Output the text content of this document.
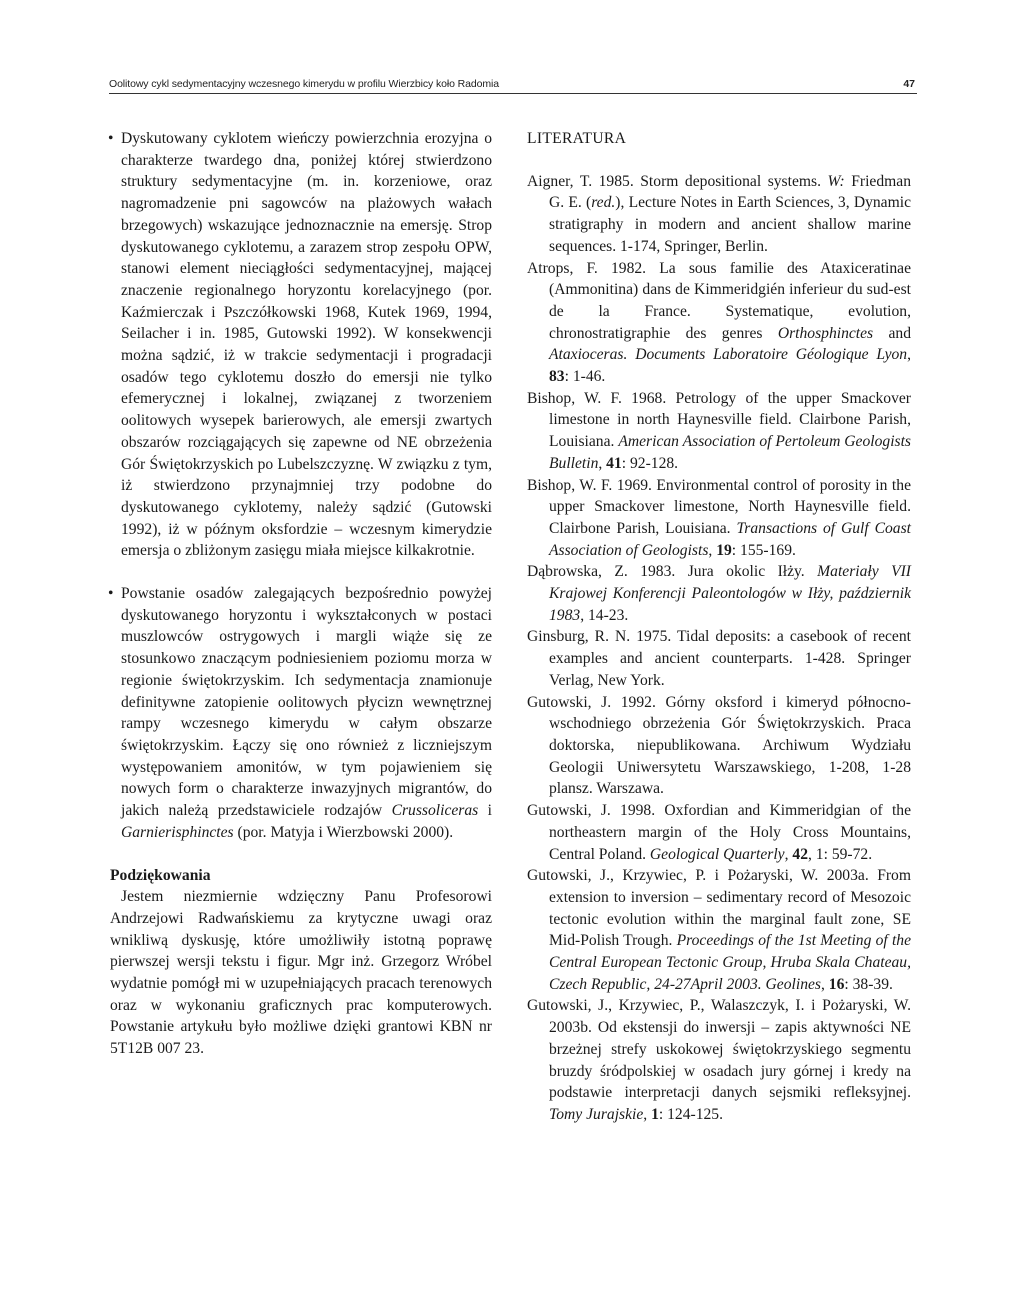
Oolitowy cykl sedymentacyjny wczesnego kimerydu w profilu Wierzbicy koło Radomia	47

• Dyskutowany cyklotem wieńczy powierzchnia erozyjna o charakterze twardego dna, poniżej której stwierdzono struktury sedymentacyjne (m. in. korzeniowe, oraz nagromadzenie pni sagowców na plażowych wałach brzegowych) wskazujące jednoznacznie na emersję. Strop dyskutowanego cyklotemu, a zarazem strop zespołu OPW, stanowi element nieciągłości sedymentacyjnej, mającej znaczenie regionalnego horyzontu korelacyjnego (por. Kaźmierczak i Pszczółkowski 1968, Kutek 1969, 1994, Seilacher i in. 1985, Gutowski 1992). W konsekwencji można sądzić, iż w trakcie sedymentacji i progradacji osadów tego cyklotemu doszło do emersji nie tylko efemerycznej i lokalnej, związanej z tworzeniem oolitowych wysepek barierowych, ale emersji zwartych obszarów rozciągających się zapewne od NE obrzeżenia Gór Świętokrzyskich po Lubelszczyznę. W związku z tym, iż stwierdzono przynajmniej trzy podobne do dyskutowanego cyklotemy, należy sądzić (Gutowski 1992), iż w późnym oksfordzie – wczesnym kimerydzie emersja o zbliżonym zasięgu miała miejsce kilkakrotnie.

• Powstanie osadów zalegających bezpośrednio powyżej dyskutowanego horyzontu i wykształconych w postaci muszlowców ostrygowych i margli wiąże się ze stosunkowo znaczącym podniesieniem poziomu morza w regionie świętokrzyskim. Ich sedymentacja znamionuje definitywne zatopienie oolitowych płycizn wewnętrznej rampy wczesnego kimerydu w całym obszarze świętokrzyskim. Łączy się ono również z liczniejszym występowaniem amonitów, w tym pojawieniem się nowych form o charakterze inwazyjnych migrantów, do jakich należą przedstawiciele rodzajów Crussoliceras i Garnierisphinctes (por. Matyja i Wierzbowski 2000).

Podziękowania

Jestem niezmiernie wdzięczny Panu Profesorowi Andrzejowi Radwańskiemu za krytyczne uwagi oraz wnikliwą dyskusję, które umożliwiły istotną poprawę pierwszej wersji tekstu i figur. Mgr inż. Grzegorz Wróbel wydatnie pomógł mi w uzupełniających pracach terenowych oraz w wykonaniu graficznych prac komputerowych. Powstanie artykułu było możliwe dzięki grantowi KBN nr 5T12B 007 23.

LITERATURA

Aigner, T. 1985. Storm depositional systems. W: Friedman G. E. (red.), Lecture Notes in Earth Sciences, 3, Dynamic stratigraphy in modern and ancient shallow marine sequences. 1-174, Springer, Berlin.

Atrops, F. 1982. La sous familie des Ataxiceratinae (Ammonitina) dans de Kimmeridgién inferieur du sud-est de la France. Systematique, evolution, chronostratigraphie des genres Orthosphinctes and Ataxioceras. Documents Laboratoire Géologique Lyon, 83: 1-46.

Bishop, W. F. 1968. Petrology of the upper Smackover limestone in north Haynesville field. Clairbone Parish, Louisiana. American Association of Pertoleum Geologists Bulletin, 41: 92-128.

Bishop, W. F. 1969. Environmental control of porosity in the upper Smackover limestone, North Haynesville field. Clairbone Parish, Louisiana. Transactions of Gulf Coast Association of Geologists, 19: 155-169.

Dąbrowska, Z. 1983. Jura okolic Iłży. Materiały VII Krajowej Konferencji Paleontologów w Iłży, październik 1983, 14-23.

Ginsburg, R. N. 1975. Tidal deposits: a casebook of recent examples and ancient counterparts. 1-428. Springer Verlag, New York.

Gutowski, J. 1992. Górny oksford i kimeryd północno-wschodniego obrzeżenia Gór Świętokrzyskich. Praca doktorska, niepublikowana. Archiwum Wydziału Geologii Uniwersytetu Warszawskiego, 1-208, 1-28 plansz. Warszawa.

Gutowski, J. 1998. Oxfordian and Kimmeridgian of the northeastern margin of the Holy Cross Mountains, Central Poland. Geological Quarterly, 42, 1: 59-72.

Gutowski, J., Krzywiec, P. i Pożaryski, W. 2003a. From extension to inversion – sedimentary record of Mesozoic tectonic evolution within the marginal fault zone, SE Mid-Polish Trough. Proceedings of the 1st Meeting of the Central European Tectonic Group, Hruba Skala Chateau, Czech Republic, 24-27April 2003. Geolines, 16: 38-39.

Gutowski, J., Krzywiec, P., Walaszczyk, I. i Pożaryski, W. 2003b. Od ekstensji do inwersji – zapis aktywności NE brzeżnej strefy uskokowej świętokrzyskiego segmentu bruzdy śródpolskiej w osadach jury górnej i kredy na podstawie interpretacji danych sejsmiki refleksyjnej. Tomy Jurajskie, 1: 124-125.
